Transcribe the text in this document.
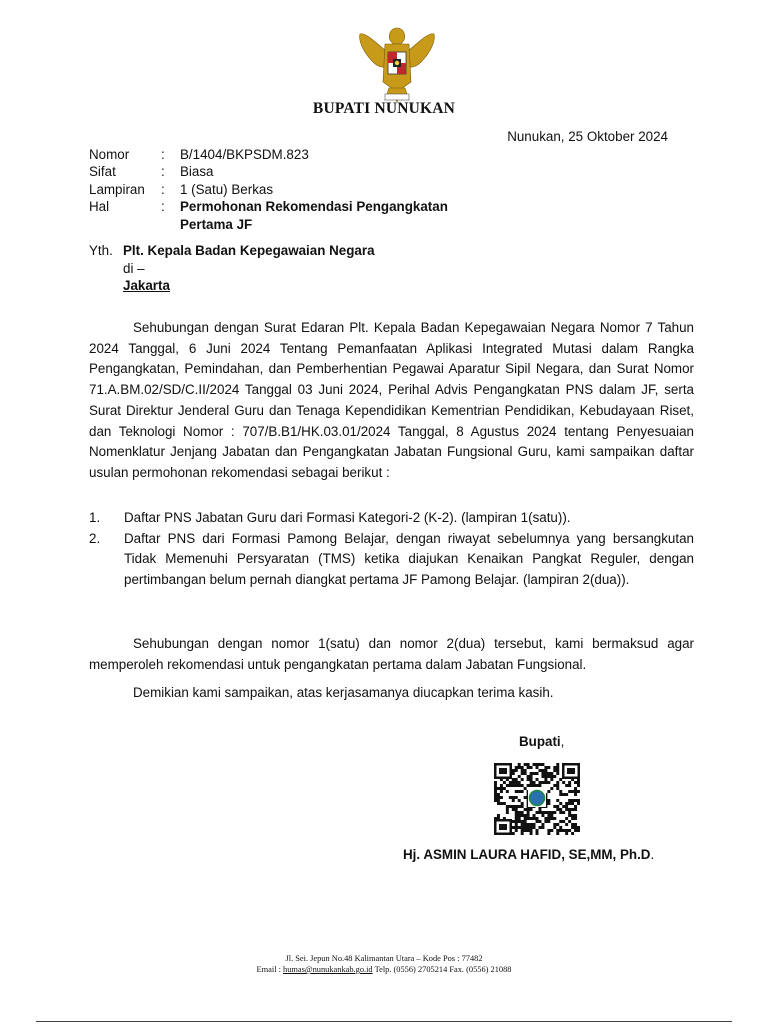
BUPATI NUNUKAN
Nunukan, 25 Oktober 2024
Nomor	:	B/1404/BKPSDM.823
Sifat	:	Biasa
Lampiran	:	1 (Satu) Berkas
Hal	:	Permohonan Rekomendasi Pengangkatan
Pertama JF
Yth. Plt. Kepala Badan Kepegawaian Negara
di –
Jakarta

Sehubungan dengan Surat Edaran Plt. Kepala Badan Kepegawaian Negara Nomor 7 Tahun 2024 Tanggal, 6 Juni 2024 Tentang Pemanfaatan Aplikasi Integrated Mutasi dalam Rangka Pengangkatan, Pemindahan, dan Pemberhentian Pegawai Aparatur Sipil Negara, dan Surat Nomor 71.A.BM.02/SD/C.II/2024 Tanggal 03 Juni 2024, Perihal Advis Pengangkatan PNS dalam JF, serta Surat Direktur Jenderal Guru dan Tenaga Kependidikan Kementrian Pendidikan, Kebudayaan Riset, dan Teknologi Nomor : 707/B.B1/HK.03.01/2024 Tanggal, 8 Agustus 2024 tentang Penyesuaian Nomenklatur Jenjang Jabatan dan Pengangkatan Jabatan Fungsional Guru, kami sampaikan daftar usulan permohonan rekomendasi sebagai berikut :

1.	Daftar PNS Jabatan Guru dari Formasi Kategori-2 (K-2). (lampiran 1(satu)).
2.	Daftar PNS dari Formasi Pamong Belajar, dengan riwayat sebelumnya yang bersangkutan Tidak Memenuhi Persyaratan (TMS) ketika diajukan Kenaikan Pangkat Reguler, dengan pertimbangan belum pernah diangkat pertama JF Pamong Belajar. (lampiran 2(dua)).

Sehubungan dengan nomor 1(satu) dan nomor 2(dua) tersebut, kami bermaksud agar memperoleh rekomendasi untuk pengangkatan pertama dalam Jabatan Fungsional.

Demikian kami sampaikan, atas kerjasamanya diucapkan terima kasih.
Bupati,
Hj. ASMIN LAURA HAFID, SE,MM, Ph.D.
Jl. Sei. Jepun No.48 Kalimantan Utara – Kode Pos : 77482
Email : humas@nunukankab.go.id Telp. (0556) 2705214 Fax. (0556) 21088
